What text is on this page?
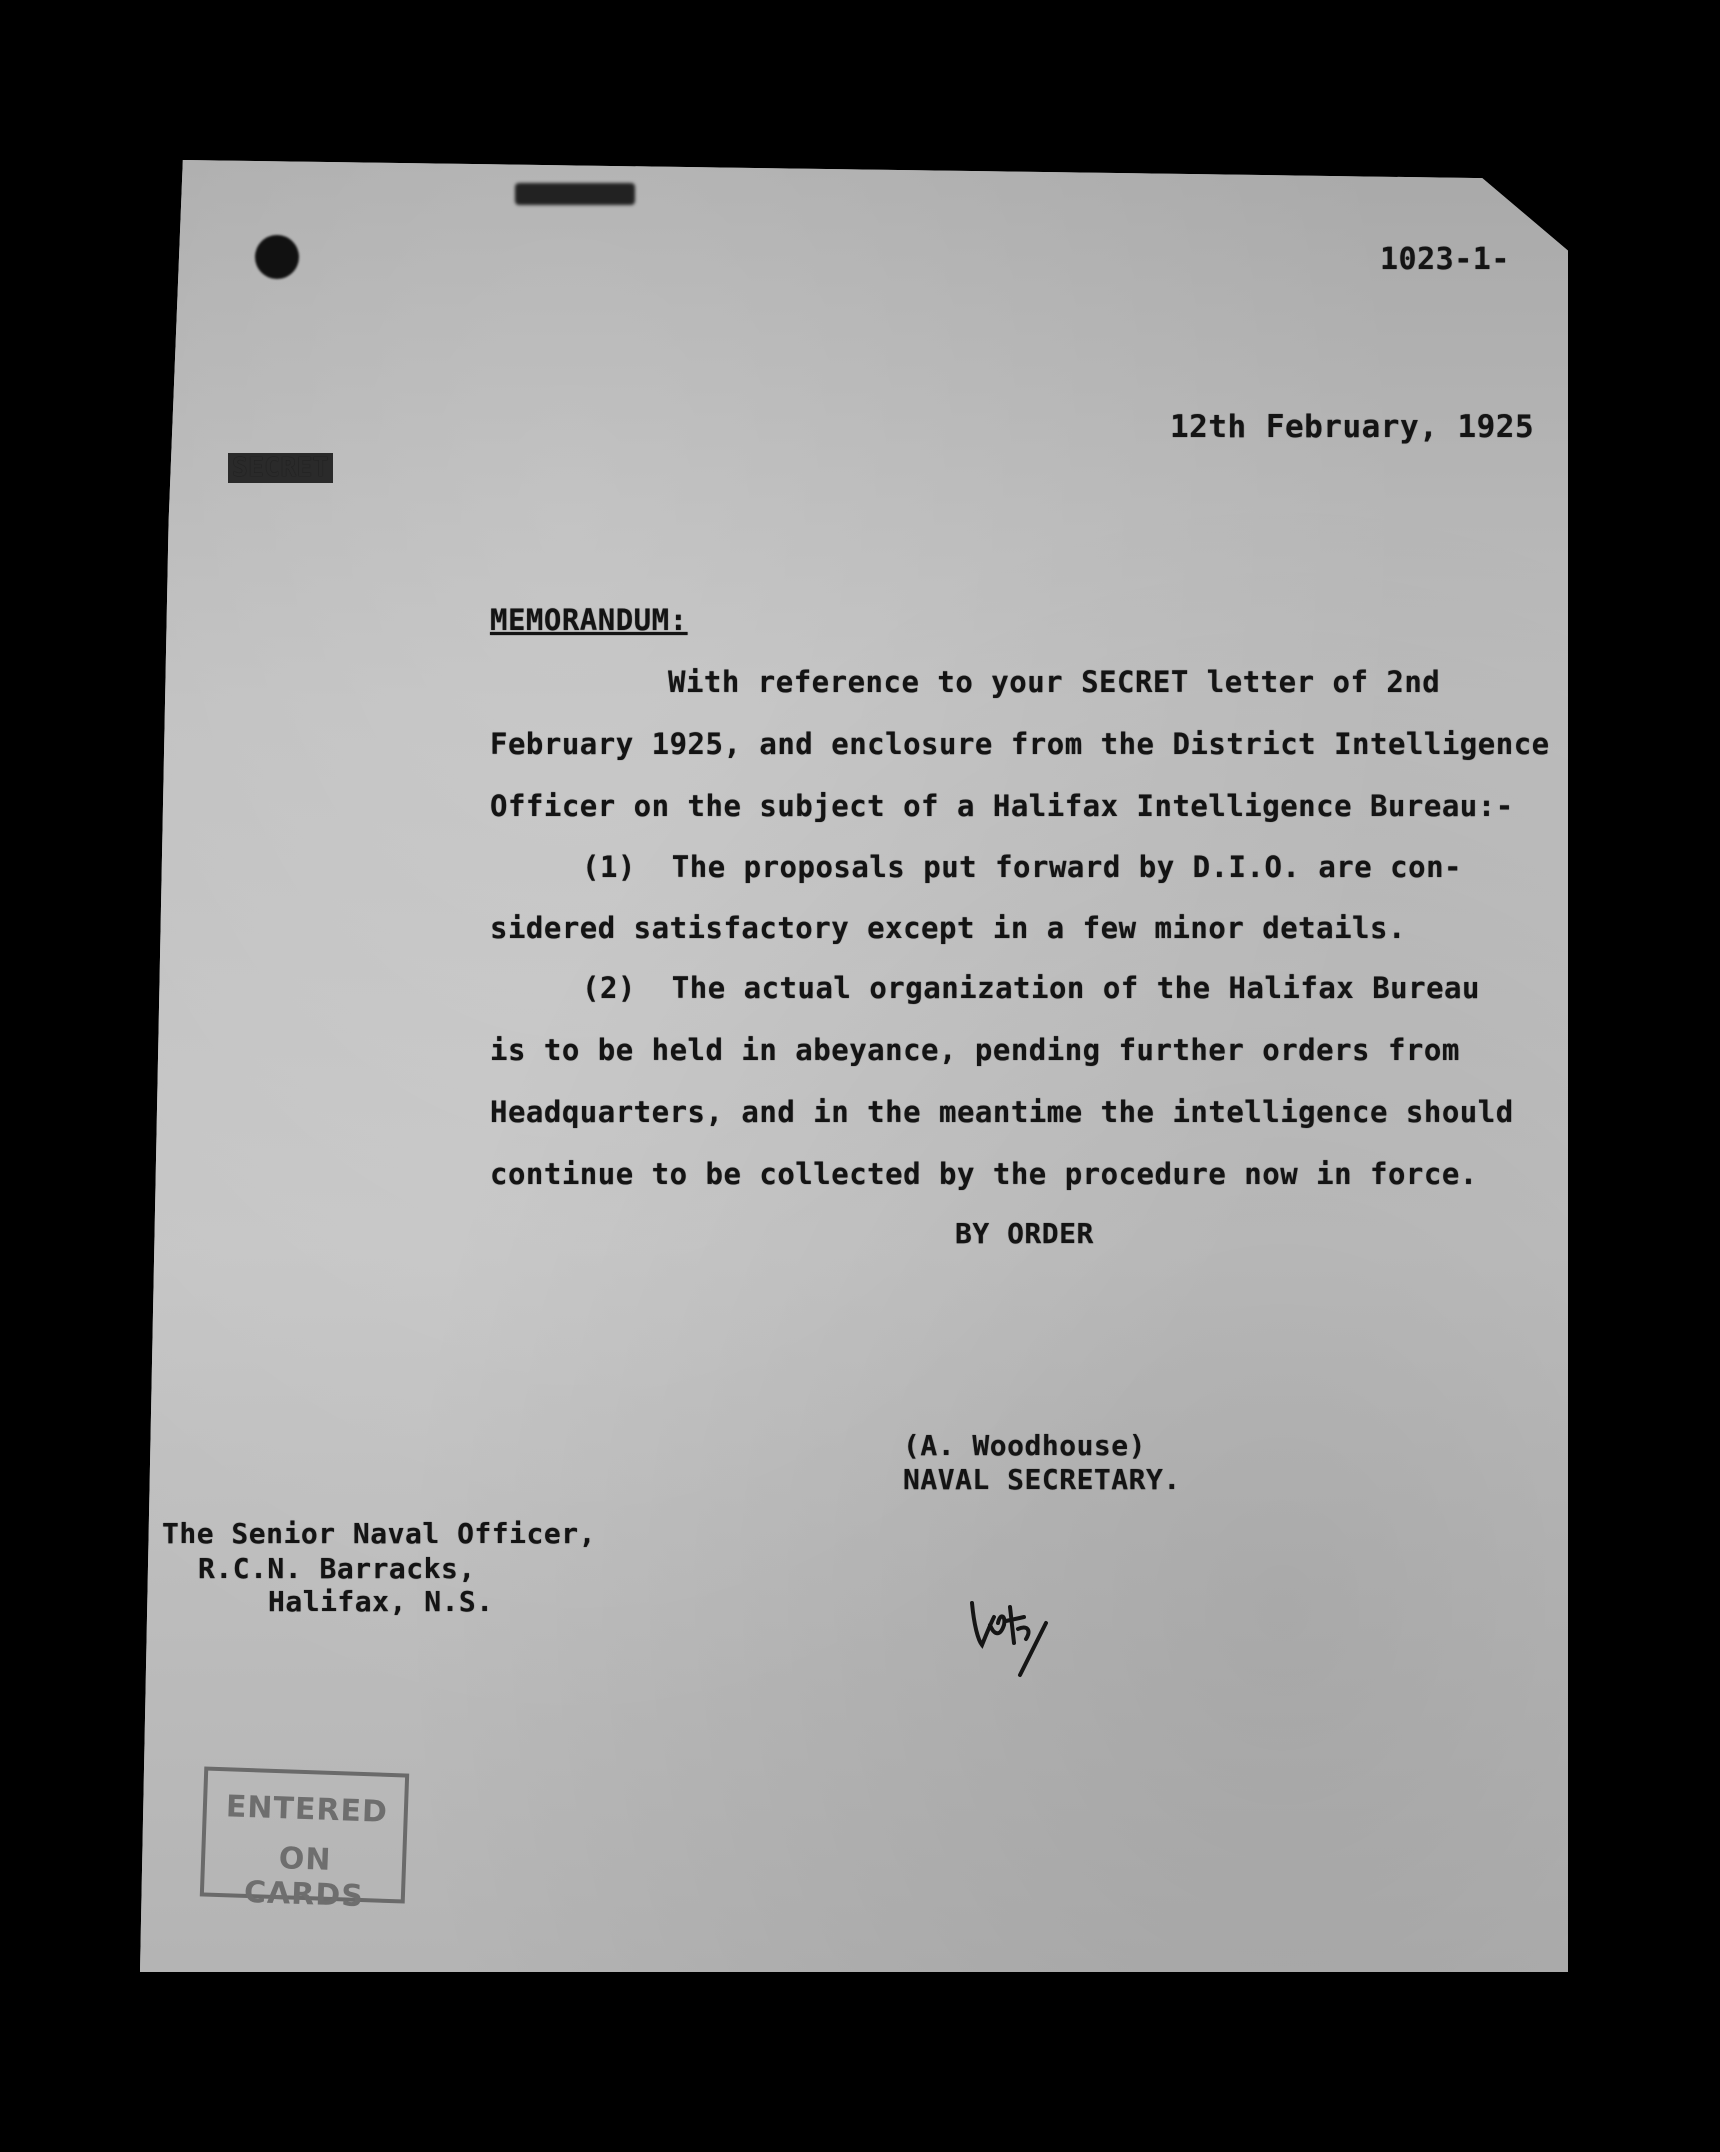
1023-1-
SECRET
12th February, 1925
MEMORANDUM:
With reference to your SECRET letter of 2nd
February 1925, and enclosure from the District Intelligence
Officer on the subject of a Halifax Intelligence Bureau:-
(1)  The proposals put forward by D.I.O. are con-
sidered satisfactory except in a few minor details.
(2)  The actual organization of the Halifax Bureau
is to be held in abeyance, pending further orders from
Headquarters, and in the meantime the intelligence should
continue to be collected by the procedure now in force.
BY ORDER
(A. Woodhouse)
NAVAL SECRETARY.
The Senior Naval Officer,
R.C.N. Barracks,
Halifax, N.S.
ENTERED
ON CARDS
